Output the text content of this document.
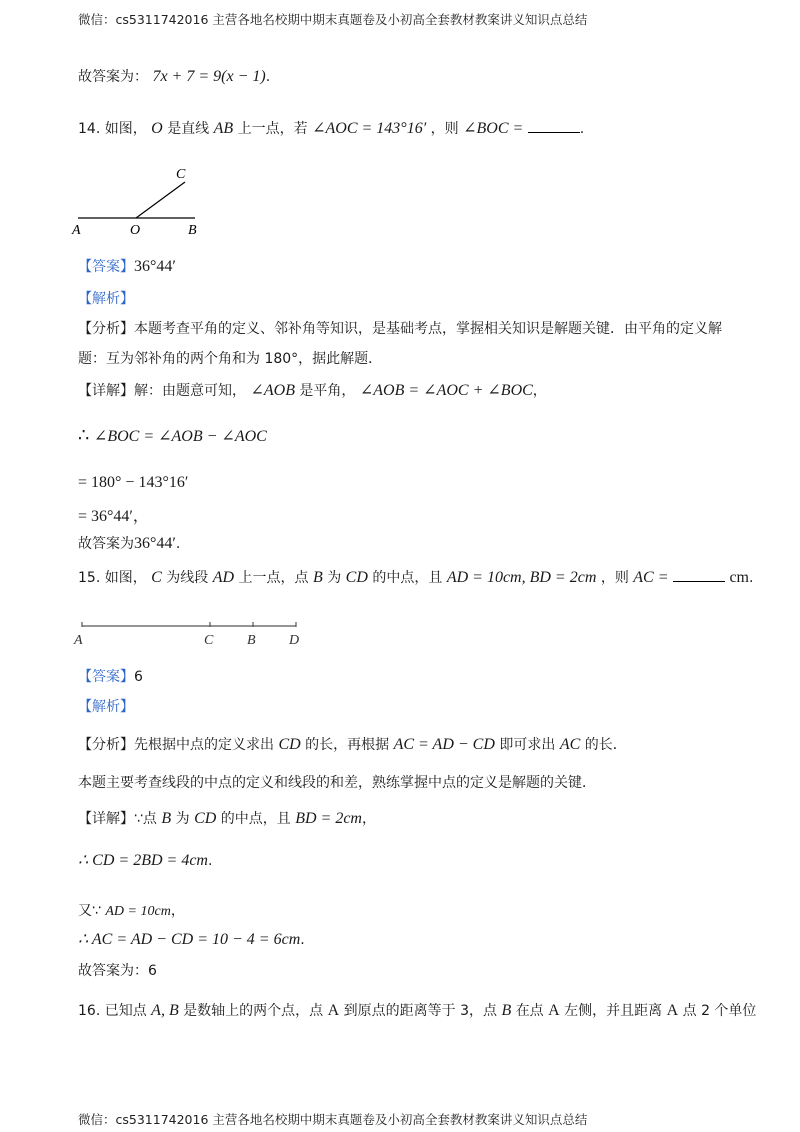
微信：cs5311742016 主营各地名校期中期末真题卷及小初高全套教材教案讲义知识点总结
故答案为： 7x + 7 = 9(x − 1).
14. 如图， O 是直线 AB 上一点，若 ∠AOC = 143°16′ ，则 ∠BOC =	.
A	O	B
C
【答案】36°44′
【解析】
【分析】本题考查平角的定义、邻补角等知识，是基础考点，掌握相关知识是解题关键．由平角的定义解
题：互为邻补角的两个角和为 180°，据此解题．
【详解】解：由题意可知， ∠AOB 是平角， ∠AOB = ∠AOC + ∠BOC，
∴ ∠BOC = ∠AOB − ∠AOC
= 180° − 143°16′
= 36°44′，
故答案为36°44′.
15. 如图， C 为线段 AD 上一点，点 B 为 CD 的中点，且 AD = 10cm, BD = 2cm ，则 AC =	cm.
A	C B D
【答案】6
【解析】
【分析】先根据中点的定义求出 CD 的长，再根据 AC = AD − CD 即可求出 AC 的长．
本题主要考查线段的中点的定义和线段的和差，熟练掌握中点的定义是解题的关键．
【详解】∵点 B 为 CD 的中点，且 BD = 2cm，
∴ CD = 2BD = 4cm.
又∵ AD = 10cm，
∴ AC = AD − CD = 10 − 4 = 6cm.
故答案为：6
16. 已知点 A, B 是数轴上的两个点，点 A 到原点的距离等于 3，点 B 在点 A 左侧，并且距离 A 点 2 个单位
微信：cs5311742016 主营各地名校期中期末真题卷及小初高全套教材教案讲义知识点总结
